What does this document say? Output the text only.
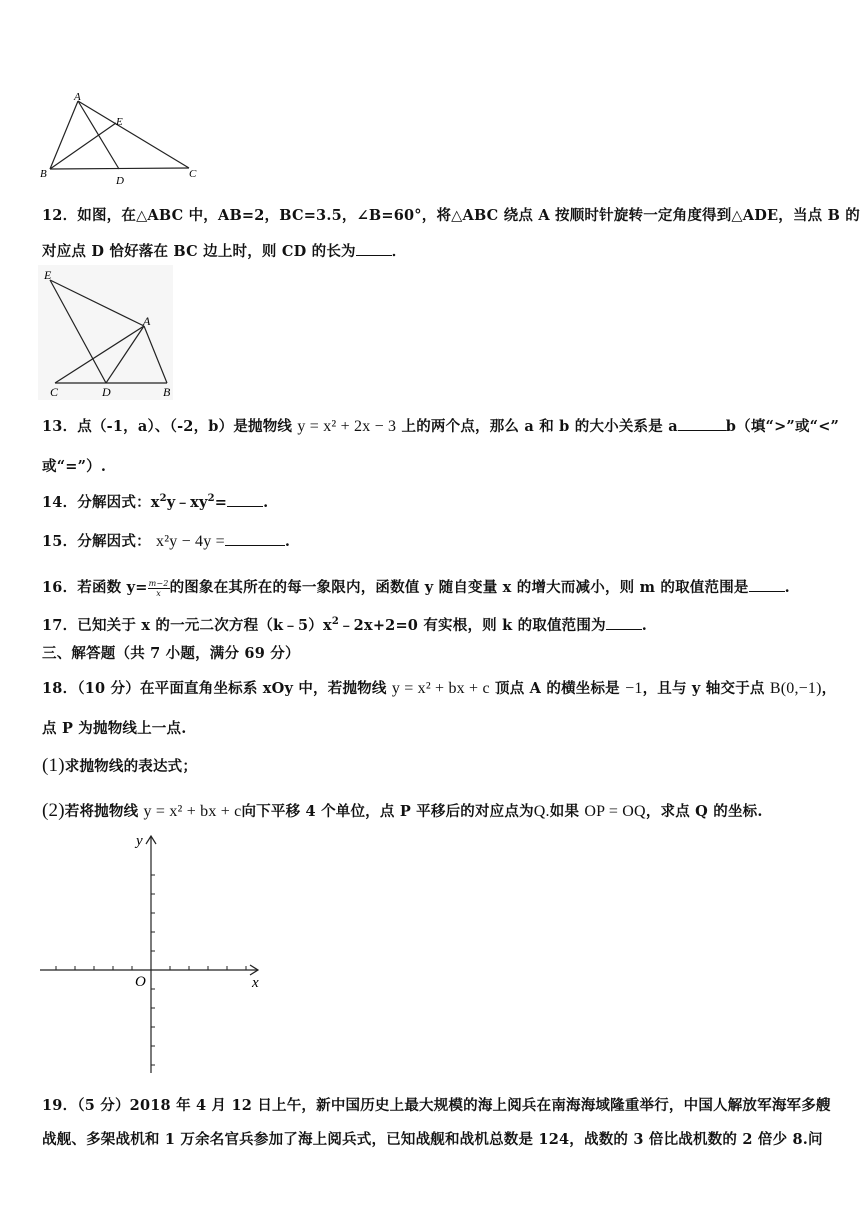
A
E
B
D
C
12．如图，在△ABC 中，AB=2，BC=3.5，∠B=60°，将△ABC 绕点 A 按顺时针旋转一定角度得到△ADE，当点 B 的
对应点 D 恰好落在 BC 边上时，则 CD 的长为 ．
E
A
C	D	B
13．点（-1，a）、（-2，b）是抛物线 y = x² + 2x − 3 上的两个点，那么 a 和 b 的大小关系是 a	b（填“>”或“<”
或“=”）.
14．分解因式：$x^2y﹣xy^2=$ .
15．分解因式： x²y − 4y =	.
16．若函数 $y= \frac{m-2}{x}$ 的图象在其所在的每一象限内，函数值 y 随自变量 x 的增大而减小，则 m 的取值范围是 .
17．已知关于 x 的一元二次方程$(k﹣5)x^2﹣2x+2=0$ 有实根，则 k 的取值范围为 .
三、解答题（共 7 小题，满分 69 分）
18．（10 分）在平面直角坐标系 xOy 中，若抛物线 y = x² + bx + c 顶点 A 的横坐标是 −1，且与 y 轴交于点 B(0,−1)，
点 P 为抛物线上一点.
(1)求抛物线的表达式；
(2)若将抛物线 y = x² + bx + c向下平移 4 个单位，点 P 平移后的对应点为Q.如果 OP = OQ，求点 Q 的坐标.
y
x
O
19．（5 分）2018 年 4 月 12 日上午，新中国历史上最大规模的海上阅兵在南海海域隆重举行，中国人解放军海军多艘
战舰、多架战机和 1 万余名官兵参加了海上阅兵式，已知战舰和战机总数是 124，战数的 3 倍比战机数的 2 倍少 8.问
